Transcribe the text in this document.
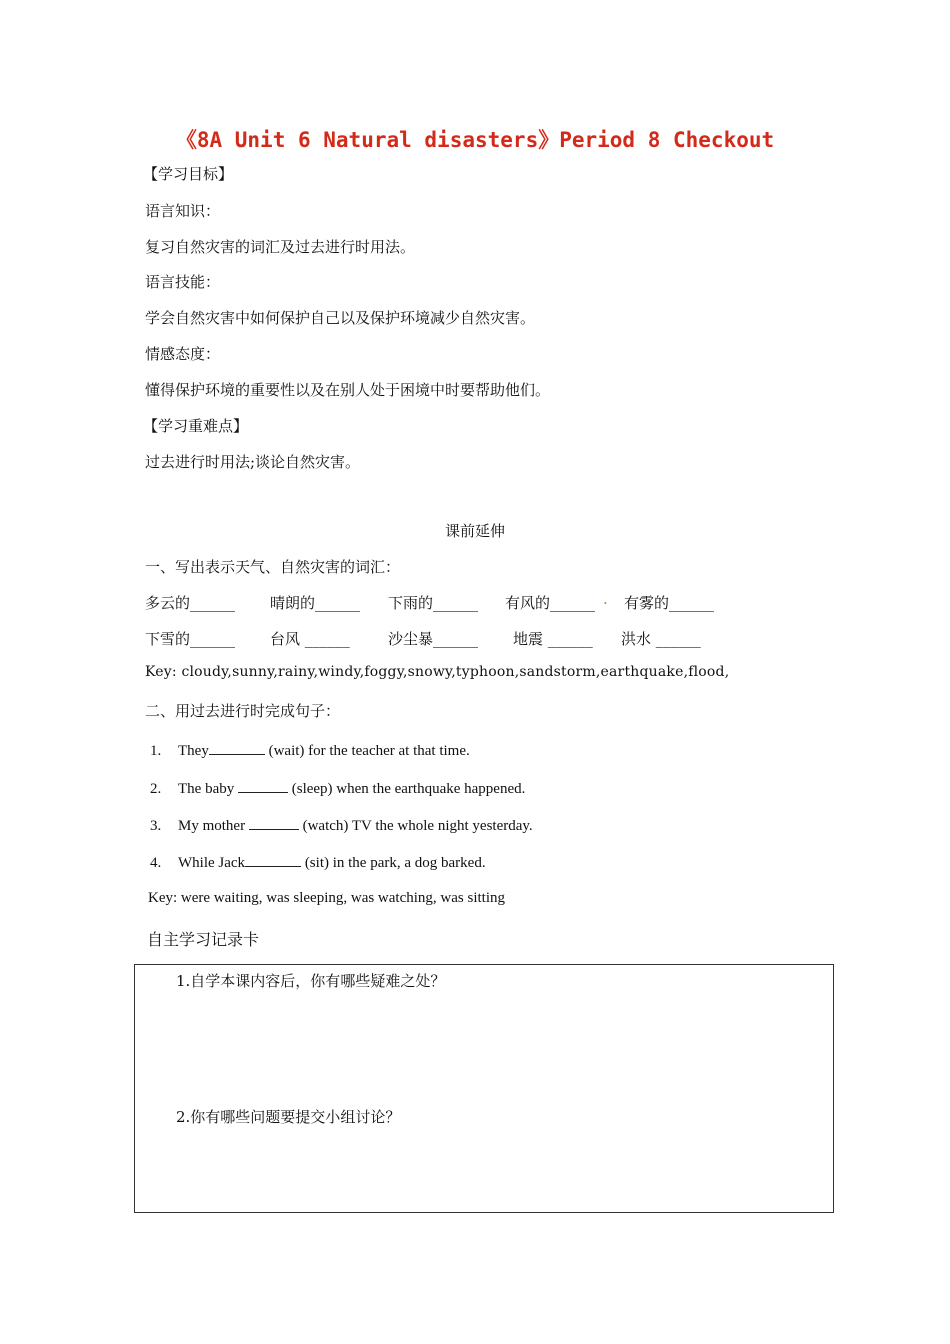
《8A Unit 6 Natural disasters》Period 8 Checkout
【学习目标】
语言知识：
复习自然灾害的词汇及过去进行时用法。
语言技能：
学会自然灾害中如何保护自己以及保护环境减少自然灾害。
情感态度：
懂得保护环境的重要性以及在别人处于困境中时要帮助他们。
【学习重难点】
过去进行时用法;谈论自然灾害。
课前延伸
一、写出表示天气、自然灾害的词汇：
多云的______ 晴朗的______ 下雨的______ 有风的______ . 有雾的______
下雪的______ 台风 ______	沙尘暴______ 地震 ______ 洪水 ______
Key: cloudy,sunny,rainy,windy,foggy,snowy,typhoon,sandstorm,earthquake,flood,
二、用过去进行时完成句子：
1. They	(wait) for the teacher at that time.
2. The baby	(sleep) when the earthquake happened.
3. My mother	(watch) TV the whole night yesterday.
4. While Jack	(sit) in the park, a dog barked.
Key: were waiting, was sleeping, was watching, was sitting
自主学习记录卡
1.自学本课内容后，你有哪些疑难之处？
2.你有哪些问题要提交小组讨论？
